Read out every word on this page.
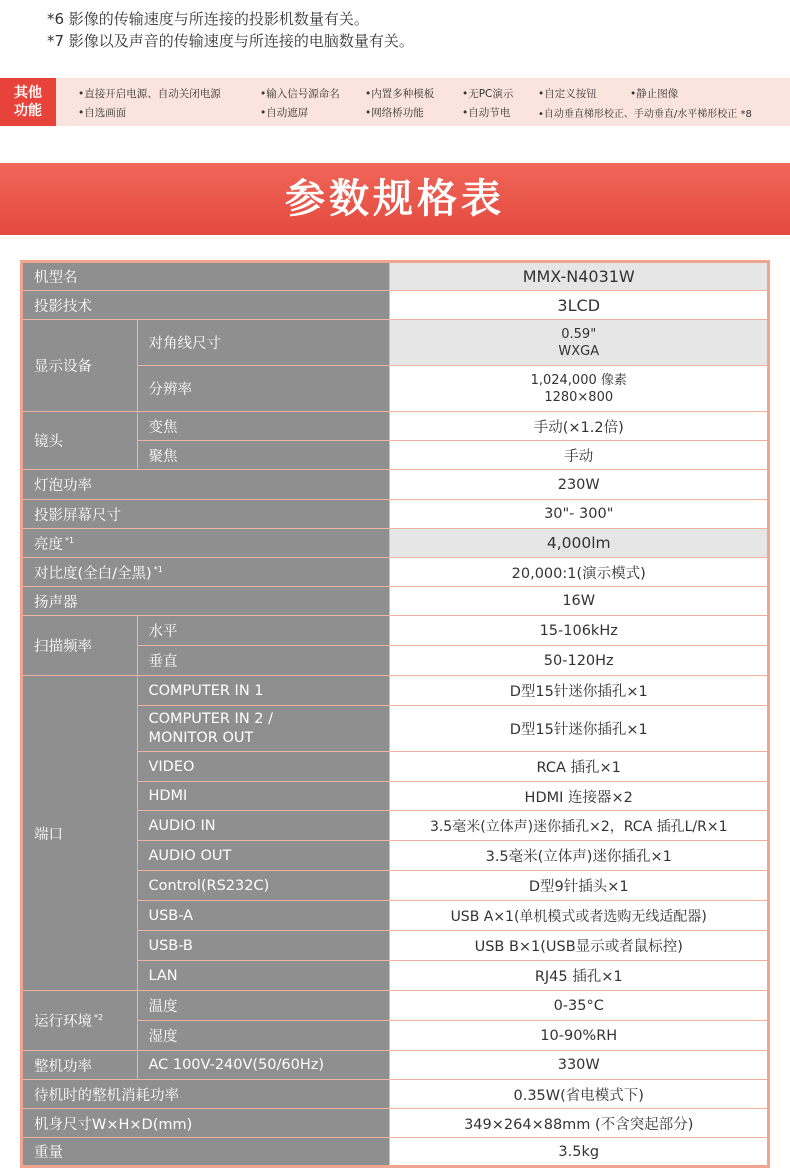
*6 影像的传输速度与所连接的投影机数量有关。
*7 影像以及声音的传输速度与所连接的电脑数量有关。
其他
功能
•直接开启电源、自动关闭电源	•输入信号源命名 •内置多种模板	•无PC演示 •自定义按钮	•静止图像
•自选画面	•自动遮屏	•网络桥功能	•自动节电	•自动垂直梯形校正、手动垂直/水平梯形校正 *8
参数规格表
机型名		MMX-N4031W
投影技术		3LCD
显示设备	对角线尺寸	0.59"
WXGA

	分辨率	1,024,000 像素
1280×800

镜头	变焦	手动(×1.2倍)
	聚焦	手动
灯泡功率		230W
投影屏幕尺寸		30"- 300"
亮度 $^{*1}$		4,000lm
对比度(全白/全黑) $^{*1}$		20,000:1(演示模式)
扬声器		16W
扫描频率	水平	15-106kHz
	垂直	50-120Hz
端口	COMPUTER IN 1	D型15针迷你插孔×1

	COMPUTER IN 2 /
MONITOR OUT	D型15针迷你插孔×1
	VIDEO	RCA 插孔×1
	HDMI	HDMI 连接器×2
	AUDIO IN	3.5毫米(立体声)迷你插孔×2，RCA 插孔L/R×1
	AUDIO OUT	3.5毫米(立体声)迷你插孔×1
	Control(RS232C)	D型9针插头×1
	USB-A	USB A×1(单机模式或者选购无线适配器)
	USB-B	USB B×1(USB显示或者鼠标控)
	LAN	RJ45 插孔×1
运行环境 $^{*2}$	温度	0-35°C
	湿度	10-90%RH
整机功率	AC 100V-240V(50/60Hz)	330W
待机时的整机消耗功率		0.35W(省电模式下)
机身尺寸W×H×D(mm)		349×264×88mm (不含突起部分)
重量		3.5kg
